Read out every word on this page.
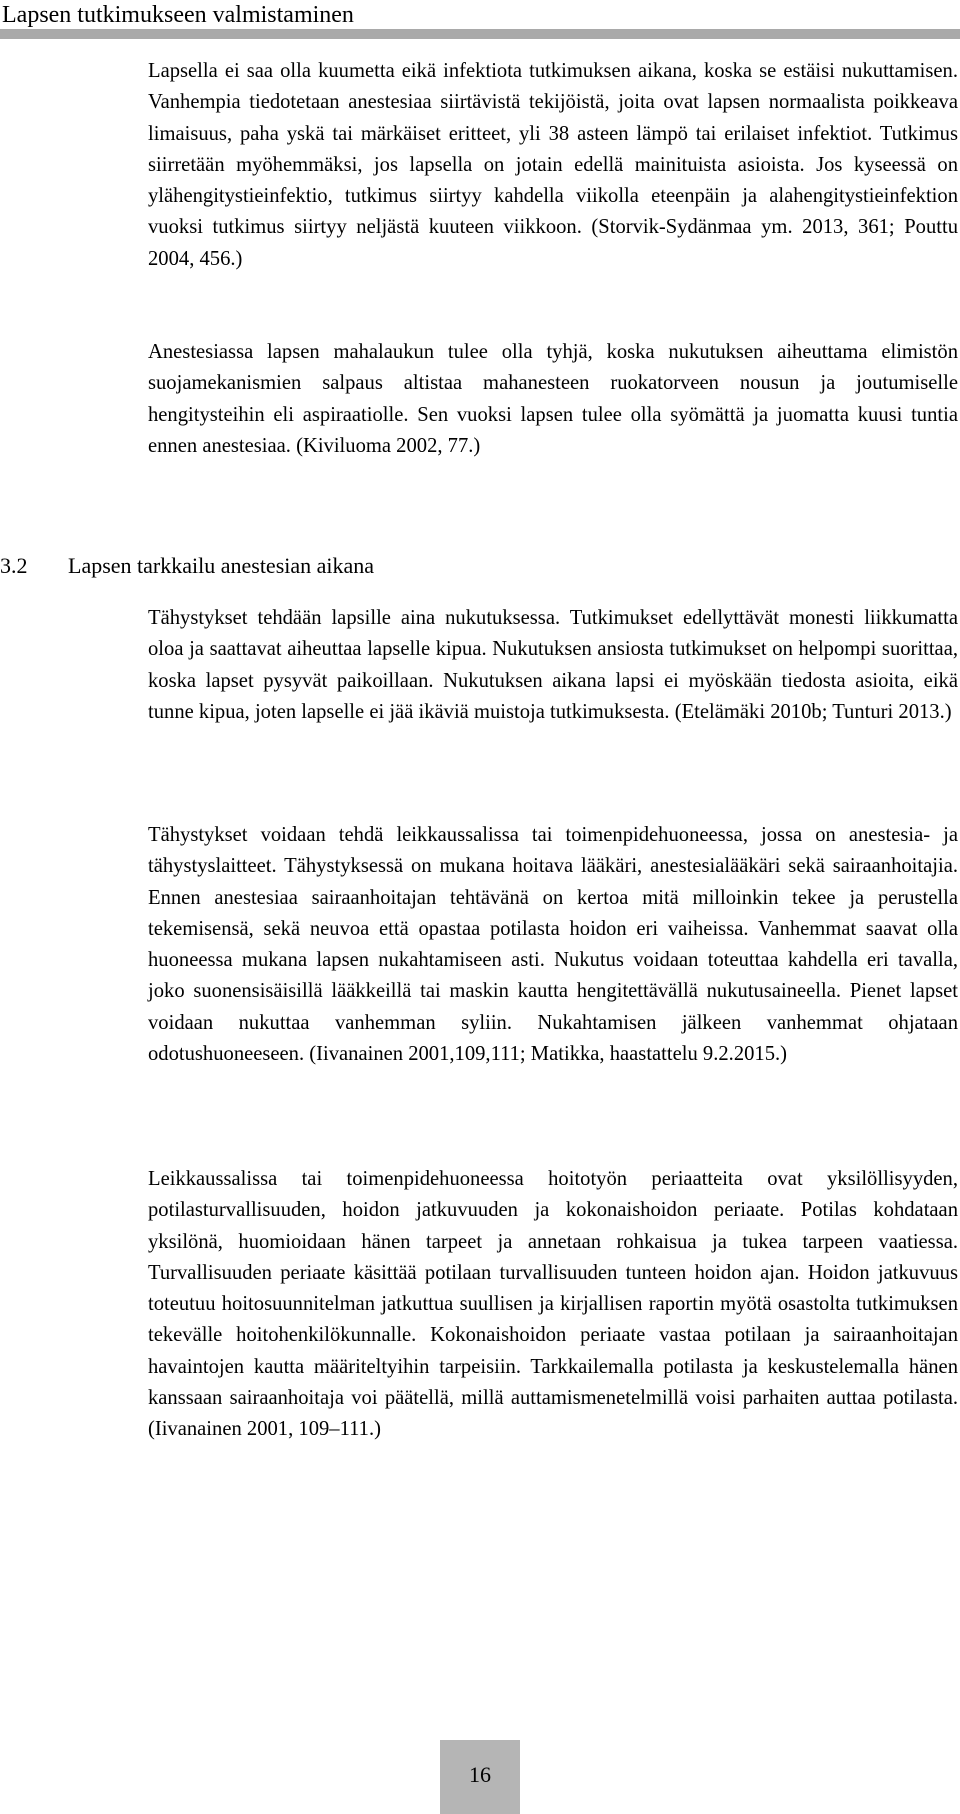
Lapsen tutkimukseen valmistaminen

Lapsella ei saa olla kuumetta eikä infektiota tutkimuksen aikana, koska se estäisi nukuttamisen. Vanhempia tiedotetaan anestesiaa siirtävistä tekijöistä, joita ovat lapsen normaalista poikkeava limaisuus, paha yskä tai märkäiset eritteet, yli 38 asteen lämpö tai erilaiset infektiot. Tutkimus siirretään myöhemmäksi, jos lapsella on jotain edellä mainituista asioista. Jos kyseessä on ylähengitystieinfektio, tutkimus siirtyy kahdella viikolla eteenpäin ja alahengitystieinfektion vuoksi tutkimus siirtyy neljästä kuuteen viikkoon. (Storvik-Sydänmaa ym. 2013, 361; Pouttu 2004, 456.)

Anestesiassa lapsen mahalaukun tulee olla tyhjä, koska nukutuksen aiheuttama elimistön suojamekanismien salpaus altistaa mahanesteen ruokatorveen nousun ja joutumiselle hengitysteihin eli aspiraatiolle. Sen vuoksi lapsen tulee olla syömättä ja juomatta kuusi tuntia ennen anestesiaa. (Kiviluoma 2002, 77.)

3.2 Lapsen tarkkailu anestesian aikana

Tähystykset tehdään lapsille aina nukutuksessa. Tutkimukset edellyttävät monesti liikkumatta oloa ja saattavat aiheuttaa lapselle kipua. Nukutuksen ansiosta tutkimukset on helpompi suorittaa, koska lapset pysyvät paikoillaan. Nukutuksen aikana lapsi ei myöskään tiedosta asioita, eikä tunne kipua, joten lapselle ei jää ikäviä muistoja tutkimuksesta. (Etelämäki 2010b; Tunturi 2013.)

Tähystykset voidaan tehdä leikkaussalissa tai toimenpidehuoneessa, jossa on anestesia- ja tähystyslaitteet. Tähystyksessä on mukana hoitava lääkäri, anestesialääkäri sekä sairaanhoitajia. Ennen anestesiaa sairaanhoitajan tehtävänä on kertoa mitä milloinkin tekee ja perustella tekemisensä, sekä neuvoa että opastaa potilasta hoidon eri vaiheissa. Vanhemmat saavat olla huoneessa mukana lapsen nukahtamiseen asti. Nukutus voidaan toteuttaa kahdella eri tavalla, joko suonensisäisillä lääkkeillä tai maskin kautta hengitettävällä nukutusaineella. Pienet lapset voidaan nukuttaa vanhemman syliin. Nukahtamisen jälkeen vanhemmat ohjataan odotushuoneeseen. (Iivanainen 2001,109,111; Matikka, haastattelu 9.2.2015.)

Leikkaussalissa tai toimenpidehuoneessa hoitotyön periaatteita ovat yksilöllisyyden, potilasturvallisuuden, hoidon jatkuvuuden ja kokonaishoidon periaate. Potilas kohdataan yksilönä, huomioidaan hänen tarpeet ja annetaan rohkaisua ja tukea tarpeen vaatiessa. Turvallisuuden periaate käsittää potilaan turvallisuuden tunteen hoidon ajan. Hoidon jatkuvuus toteutuu hoitosuunnitelman jatkuttua suullisen ja kirjallisen raportin myötä osastolta tutkimuksen tekevälle hoitohenkilökunnalle. Kokonaishoidon periaate vastaa potilaan ja sairaanhoitajan havaintojen kautta määriteltyihin tarpeisiin. Tarkkailemalla potilasta ja keskustelemalla hänen kanssaan sairaanhoitaja voi päätellä, millä auttamismenetelmillä voisi parhaiten auttaa potilasta. (Iivanainen 2001, 109–111.)

16
